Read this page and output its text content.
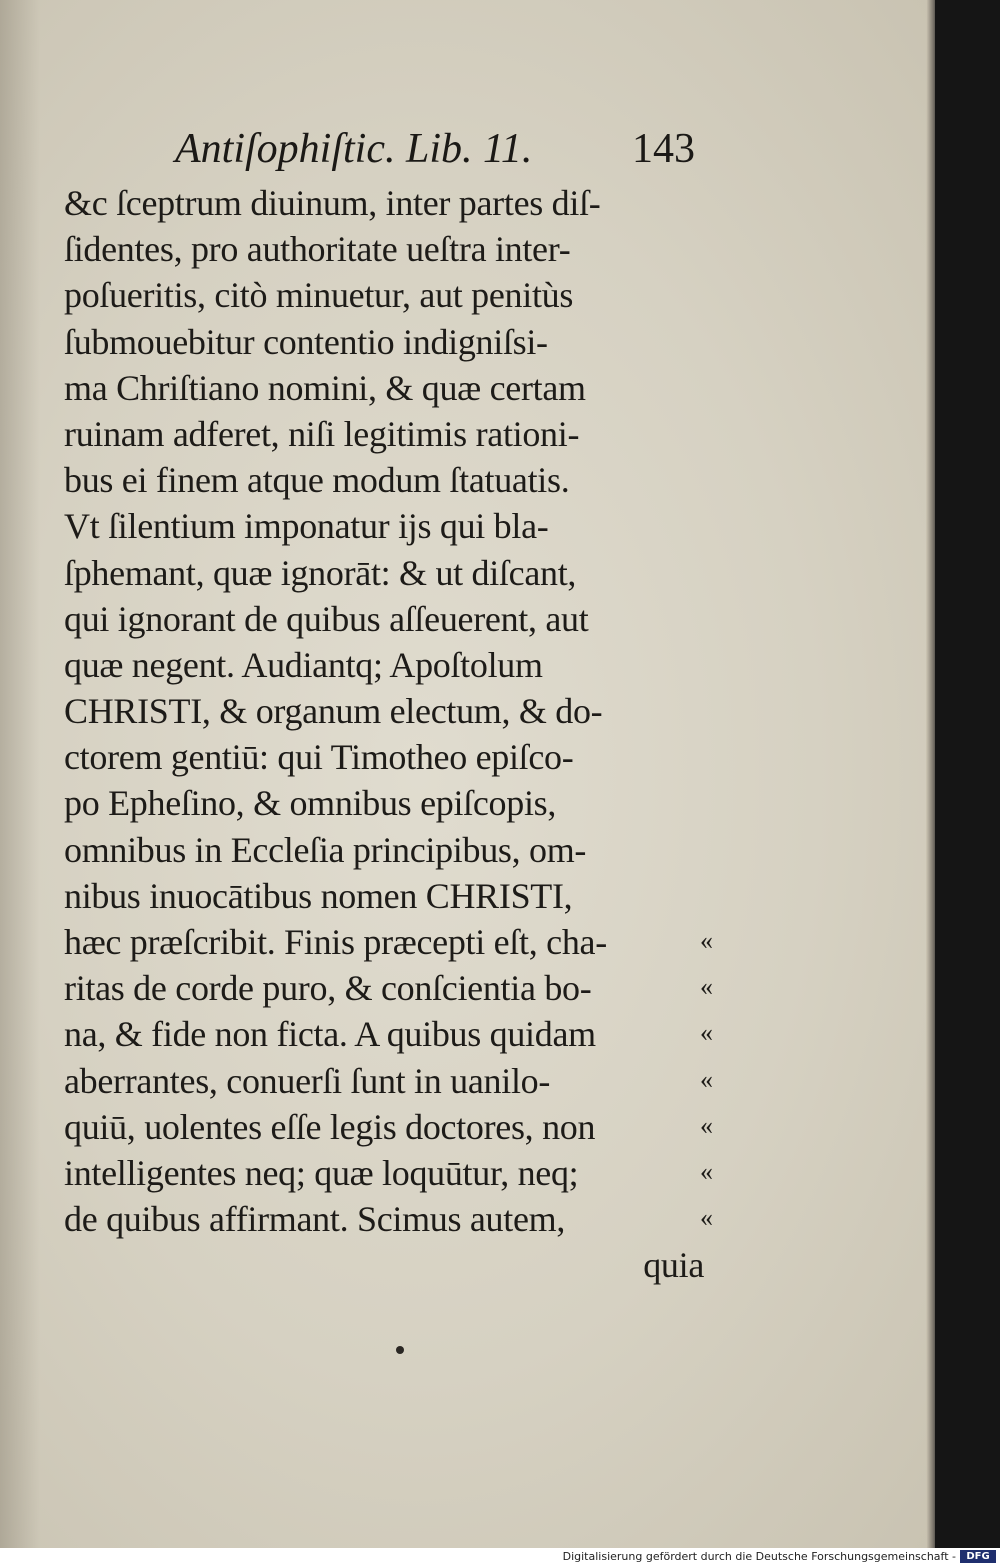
Antiſophiſtic. Lib. 11. 143
&c ſceptrum diuinum, inter partes diſ-
ſidentes, pro authoritate ueſtra inter-
poſueritis, citò minuetur, aut penitùs
ſubmouebitur contentio indigniſsi-
ma Chriſtiano nomini, & quæ certam
ruinam adferet, niſi legitimis rationi-
bus ei finem atque modum ſtatuatis.
Vt ſilentium imponatur ijs qui bla-
ſphemant, quæ ignorāt: & ut diſcant,
qui ignorant de quibus aſſeuerent, aut
quæ negent. Audiantq; Apoſtolum
CHRISTI, & organum electum, & do-
ctorem gentiū: qui Timotheo epiſco-
po Epheſino, & omnibus epiſcopis,
omnibus in Eccleſia principibus, om-
nibus inuocātibus nomen CHRISTI,
hæc præſcribit. Finis præcepti eſt, cha-
ritas de corde puro, & conſcientia bo-
na, & fide non ficta. A quibus quidam
aberrantes, conuerſi ſunt in uanilo-
quiū, uolentes eſſe legis doctores, non
intelligentes neq; quæ loquūtur, neq;
de quibus affirmant. Scimus autem,
quia
«
«
«
«
«
«
«
Digitalisierung gefördert durch die Deutsche Forschungsgemeinschaft -	DFG
